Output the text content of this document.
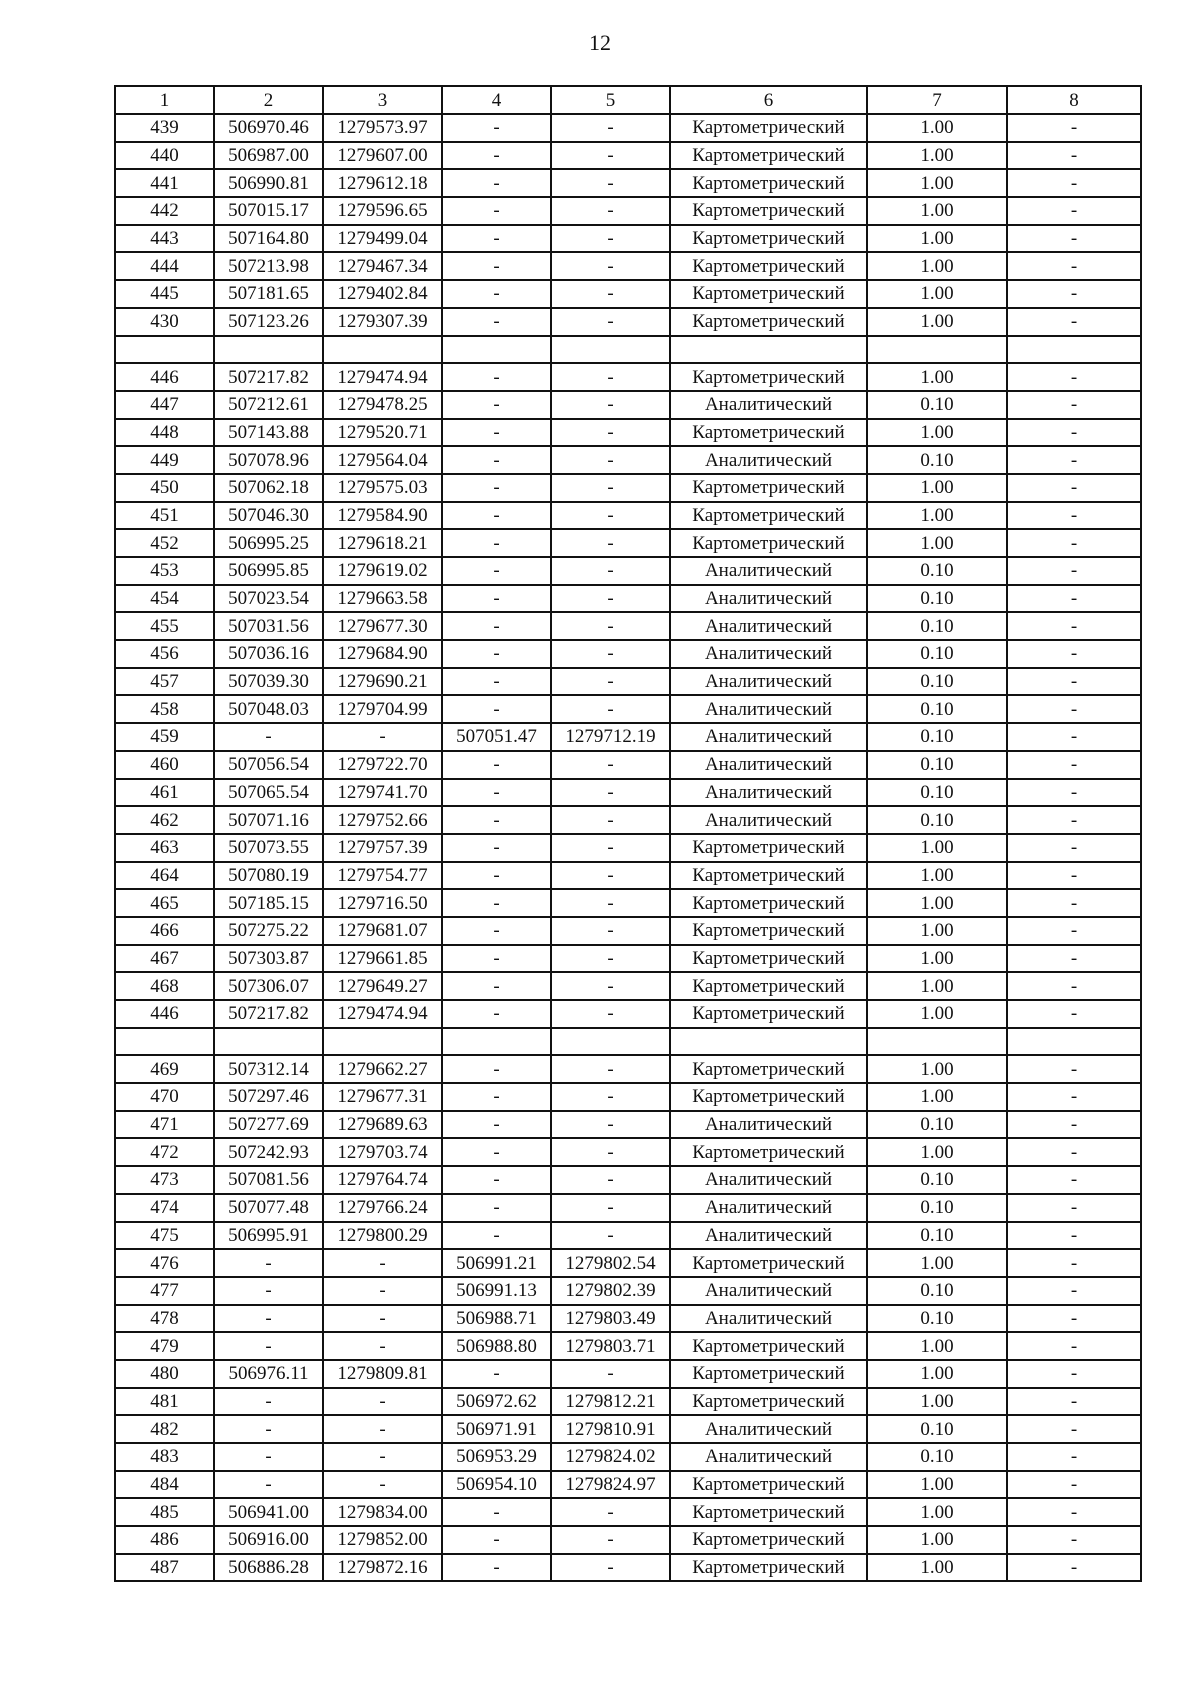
12
1	2	3	4	5	6	7	8
439	506970.46	1279573.97	-	-	Картометрический	1.00	-
440	506987.00	1279607.00	-	-	Картометрический	1.00	-
441	506990.81	1279612.18	-	-	Картометрический	1.00	-
442	507015.17	1279596.65	-	-	Картометрический	1.00	-
443	507164.80	1279499.04	-	-	Картометрический	1.00	-
444	507213.98	1279467.34	-	-	Картометрический	1.00	-
445	507181.65	1279402.84	-	-	Картометрический	1.00	-
430	507123.26	1279307.39	-	-	Картометрический	1.00	-

446	507217.82	1279474.94	-	-	Картометрический	1.00	-
447	507212.61	1279478.25	-	-	Аналитический	0.10	-
448	507143.88	1279520.71	-	-	Картометрический	1.00	-
449	507078.96	1279564.04	-	-	Аналитический	0.10	-
450	507062.18	1279575.03	-	-	Картометрический	1.00	-
451	507046.30	1279584.90	-	-	Картометрический	1.00	-
452	506995.25	1279618.21	-	-	Картометрический	1.00	-
453	506995.85	1279619.02	-	-	Аналитический	0.10	-
454	507023.54	1279663.58	-	-	Аналитический	0.10	-
455	507031.56	1279677.30	-	-	Аналитический	0.10	-
456	507036.16	1279684.90	-	-	Аналитический	0.10	-
457	507039.30	1279690.21	-	-	Аналитический	0.10	-
458	507048.03	1279704.99	-	-	Аналитический	0.10	-
459	-	-	507051.47	1279712.19	Аналитический	0.10	-
460	507056.54	1279722.70	-	-	Аналитический	0.10	-
461	507065.54	1279741.70	-	-	Аналитический	0.10	-
462	507071.16	1279752.66	-	-	Аналитический	0.10	-
463	507073.55	1279757.39	-	-	Картометрический	1.00	-
464	507080.19	1279754.77	-	-	Картометрический	1.00	-
465	507185.15	1279716.50	-	-	Картометрический	1.00	-
466	507275.22	1279681.07	-	-	Картометрический	1.00	-
467	507303.87	1279661.85	-	-	Картометрический	1.00	-
468	507306.07	1279649.27	-	-	Картометрический	1.00	-
446	507217.82	1279474.94	-	-	Картометрический	1.00	-

469	507312.14	1279662.27	-	-	Картометрический	1.00	-
470	507297.46	1279677.31	-	-	Картометрический	1.00	-
471	507277.69	1279689.63	-	-	Аналитический	0.10	-
472	507242.93	1279703.74	-	-	Картометрический	1.00	-
473	507081.56	1279764.74	-	-	Аналитический	0.10	-
474	507077.48	1279766.24	-	-	Аналитический	0.10	-
475	506995.91	1279800.29	-	-	Аналитический	0.10	-
476	-	-	506991.21	1279802.54	Картометрический	1.00	-
477	-	-	506991.13	1279802.39	Аналитический	0.10	-
478	-	-	506988.71	1279803.49	Аналитический	0.10	-
479	-	-	506988.80	1279803.71	Картометрический	1.00	-
480	506976.11	1279809.81	-	-	Картометрический	1.00	-
481	-	-	506972.62	1279812.21	Картометрический	1.00	-
482	-	-	506971.91	1279810.91	Аналитический	0.10	-
483	-	-	506953.29	1279824.02	Аналитический	0.10	-
484	-	-	506954.10	1279824.97	Картометрический	1.00	-
485	506941.00	1279834.00	-	-	Картометрический	1.00	-
486	506916.00	1279852.00	-	-	Картометрический	1.00	-
487	506886.28	1279872.16	-	-	Картометрический	1.00	-
